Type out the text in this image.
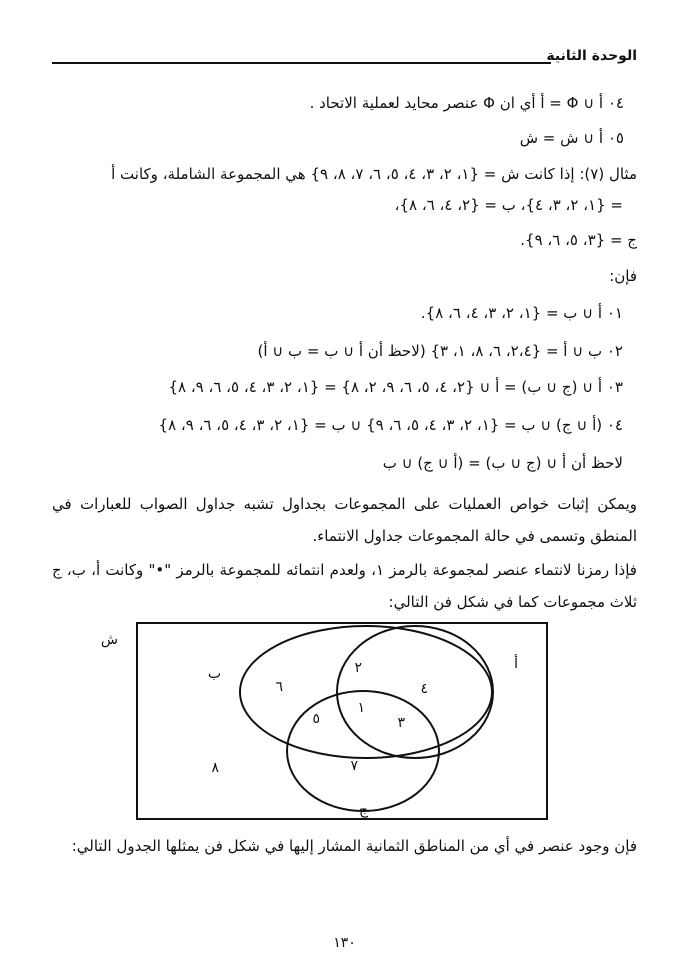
الوحدة الثانية
٠٤ أ ∪ Φ = أ أي ان Φ عنصر محايد لعملية الاتحاد .
٠٥ أ ∪ ش = ش
مثال (٧): إذا كانت ش = {١، ٢، ٣، ٤، ٥، ٦، ٧، ٨، ٩} هي المجموعة الشاملة، وكانت أ
= {١، ٢، ٣، ٤}، ب = {٢، ٤، ٦، ٨}،
ج = {٣، ٥، ٦، ٩}.
فإن:
٠١ أ ∪ ب = {١، ٢، ٣، ٤، ٦، ٨}.
٠٢ ب ∪ أ = {٢،٤، ٦، ٨، ١، ٣} (لاحظ أن أ ∪ ب = ب ∪ أ)
٠٣ أ ∪ (ج ∪ ب) = أ ∪ {٢، ٤، ٥، ٦، ٩، ٢، ٨} = {١، ٢، ٣، ٤، ٥، ٦، ٩، ٨}
٠٤ (أ ∪ ج) ∪ ب = {١، ٢، ٣، ٤، ٥، ٦، ٩} ∪ ب = {١، ٢، ٣، ٤، ٥، ٦، ٩، ٨}
لاحظ أن أ ∪ (ج ∪ ب) = (أ ∪ ج) ∪ ب

ويمكن إثبات خواص العمليات على المجموعات بجداول تشبه جداول الصواب للعبارات في المنطق وتسمى في حالة المجموعات جداول الانتماء.

فإذا رمزنا لانتماء عنصر لمجموعة بالرمز ١، ولعدم انتمائه للمجموعة بالرمز "•" وكانت أ، ب، ج ثلاث مجموعات كما في شكل فن التالي:

ش
أ
ب
ج
١
٢
٣
٤
٥
٦
٧
٨

فإن وجود عنصر في أي من المناطق الثمانية المشار إليها في شكل فن يمثلها الجدول التالي:

١٣٠
